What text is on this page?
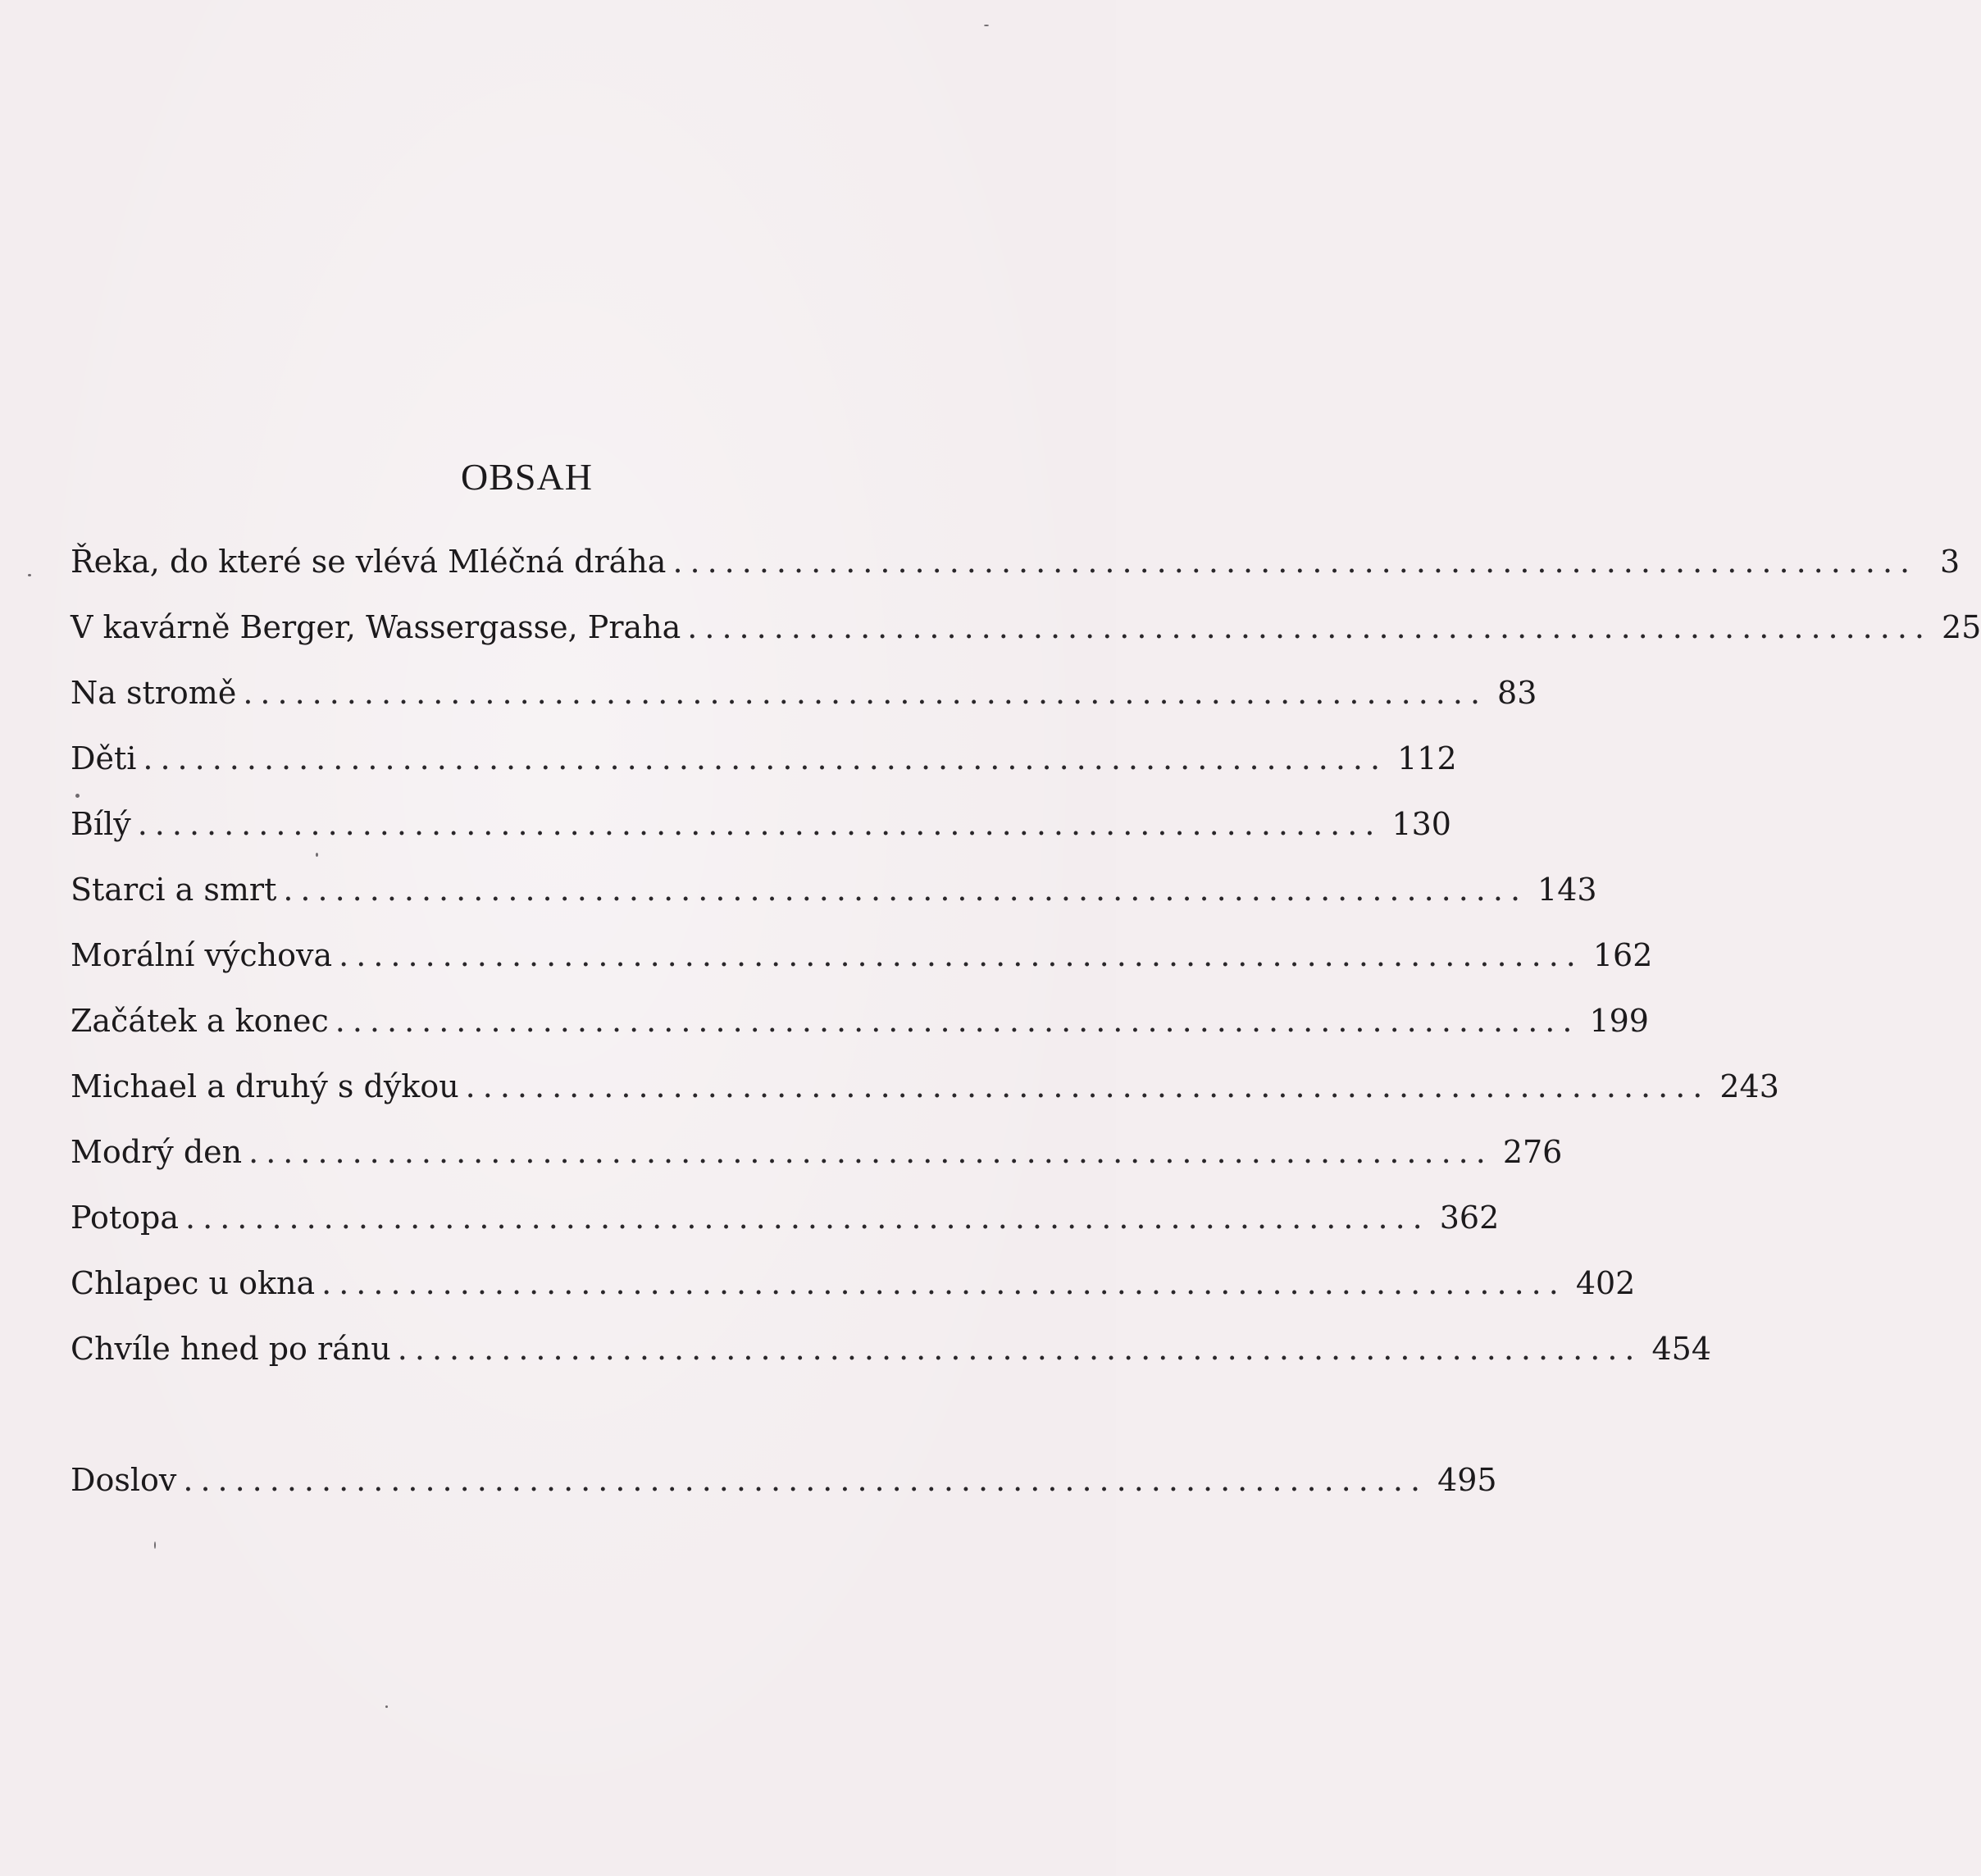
OBSAH
Řeka, do které se vlévá Mléčná dráha ........................................................................ 3
V kavárně Berger, Wassergasse, Praha ........................................................................ 25
Na stromě ........................................................................ 83
Děti ........................................................................ 112
Bílý ........................................................................ 130
Starci a smrt ........................................................................ 143
Morální výchova ........................................................................ 162
Začátek a konec ........................................................................ 199
Michael a druhý s dýkou ........................................................................ 243
Modrý den ........................................................................ 276
Potopa ........................................................................ 362
Chlapec u okna ........................................................................ 402
Chvíle hned po ránu ........................................................................ 454
Doslov ........................................................................ 495
